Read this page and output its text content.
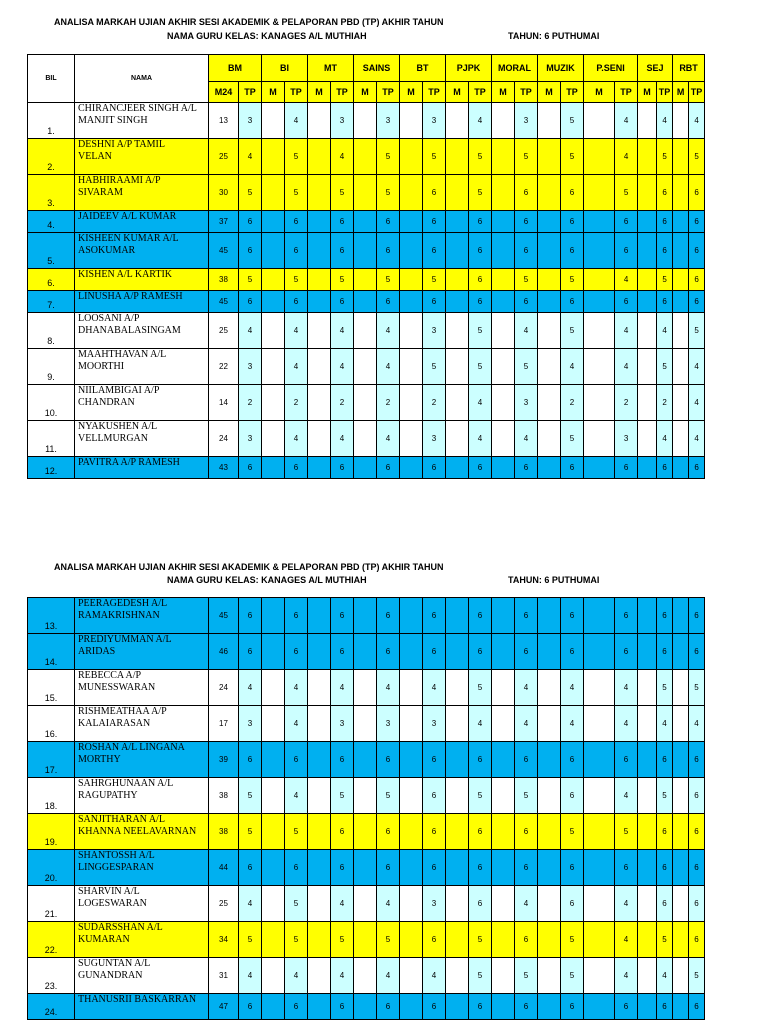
ANALISA MARKAH UJIAN AKHIR SESI AKADEMIK & PELAPORAN PBD (TP) AKHIR TAHUN
NAMA GURU KELAS: KANAGES A/L MUTHIAH	TAHUN: 6 PUTHUMAI
BIL	NAMA	BM		BI		MT		SAINS		BT		PJPK		MORAL		MUZIK		P.SENI		SEJ		RBT	
		M24	TP	M	TP	M	TP	M	TP	M	TP	M	TP	M	TP	M	TP	M	TP	M	TP	M	TP
1.	CHIRANCJEER SINGH A/L
MANJIT SINGH	13	3		4		3		3		3		4		3		5		4		4		4
2.	DESHNI A/P TAMIL
VELAN	25	4		5		4		5		5		5		5		5		4		5		5
3.	HABHIRAAMI A/P
SIVARAM	30	5		5		5		5		6		5		6		6		5		6		6
4.	JAIDEEV A/L KUMAR	37	6		6		6		6		6		6		6		6		6		6		6
5.	KISHEEN KUMAR A/L
ASOKUMAR	45	6		6		6		6		6		6		6		6		6		6		6
6.	KISHEN A/L KARTIK	38	5		5		5		5		5		6		5		5		4		5		6
7.	LINUSHA A/P RAMESH	45	6		6		6		6		6		6		6		6		6		6		6
8.	LOOSANI A/P
DHANABALASINGAM	25	4		4		4		4		3		5		4		5		4		4		5
9.	MAAHTHAVAN A/L
MOORTHI	22	3		4		4		4		5		5		5		4		4		5		4
10.	NIILAMBIGAI A/P
CHANDRAN	14	2		2		2		2		2		4		3		2		2		2		4
11.	NYAKUSHEN A/L
VELLMURGAN	24	3		4		4		4		3		4		4		5		3		4		4
12.	PAVITRA A/P RAMESH	43	6		6		6		6		6		6		6		6		6		6		6
ANALISA MARKAH UJIAN AKHIR SESI AKADEMIK & PELAPORAN PBD (TP) AKHIR TAHUN
NAMA GURU KELAS: KANAGES A/L MUTHIAH	TAHUN: 6 PUTHUMAI
13.	PEERAGEDESH A/L
RAMAKRISHNAN	45	6		6		6		6		6		6		6		6		6		6		6
14.	PREDIYUMMAN A/L
ARIDAS	46	6		6		6		6		6		6		6		6		6		6		6
15.	REBECCA A/P
MUNESSWARAN	24	4		4		4		4		4		5		4		4		4		5		5
16.	RISHMEATHAA A/P
KALAIARASAN	17	3		4		3		3		3		4		4		4		4		4		4
17.	ROSHAN A/L LINGANA
MORTHY	39	6		6		6		6		6		6		6		6		6		6		6
18.	SAHRGHUNAAN A/L
RAGUPATHY	38	5		4		5		5		6		5		5		6		4		5		6
19.	SANJITHARAN A/L
KHANNA NEELAVARNAN	38	5		5		6		6		6		6		6		5		5		6		6
20.	SHANTOSSH A/L
LINGGESPARAN	44	6		6		6		6		6		6		6		6		6		6		6
21.	SHARVIN A/L
LOGESWARAN	25	4		5		4		4		3		6		4		6		4		6		6
22.	SUDARSSHAN A/L
KUMARAN	34	5		5		5		5		6		5		6		5		4		5		6
23.	SUGUNTAN A/L
GUNANDRAN	31	4		4		4		4		4		5		5		5		4		4		5
24.	THANUSRII BASKARRAN	47	6		6		6		6		6		6		6		6		6		6		6
